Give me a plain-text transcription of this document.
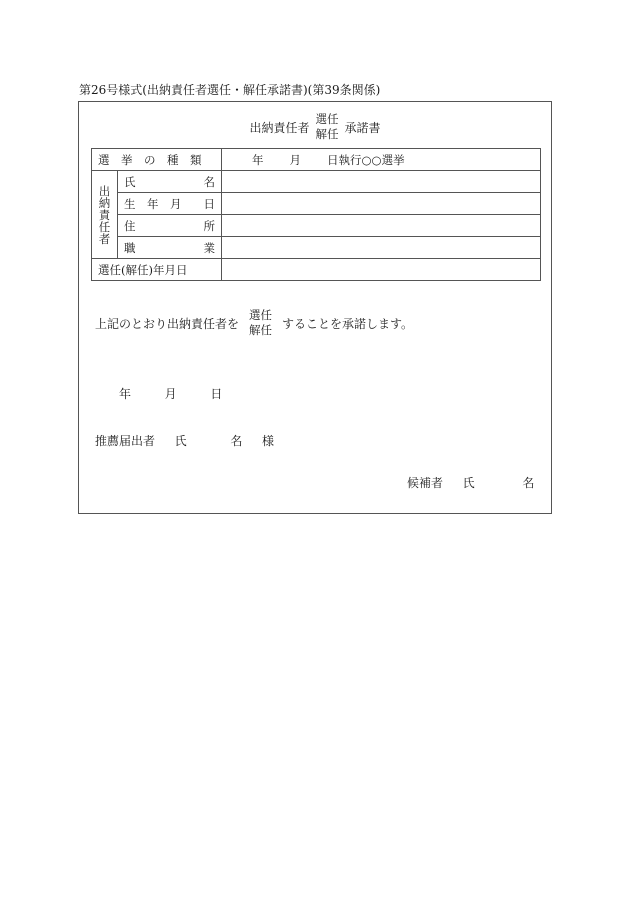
第26号様式(出納責任者選任・解任承諾書)(第39条関係)
出納責任者
選任
解任 承諾書
選　挙　の　種　類		年 月 日執行○○選挙

出
納
責
任
者	氏 名	

	生　年　月 日	

	住 所	

	職 業	

選任(解任)年月日		
上記のとおり出納責任者を
選任
解任 することを承諾します。
年	月	日
推薦届出者 氏	名 様
候補者 氏	名
